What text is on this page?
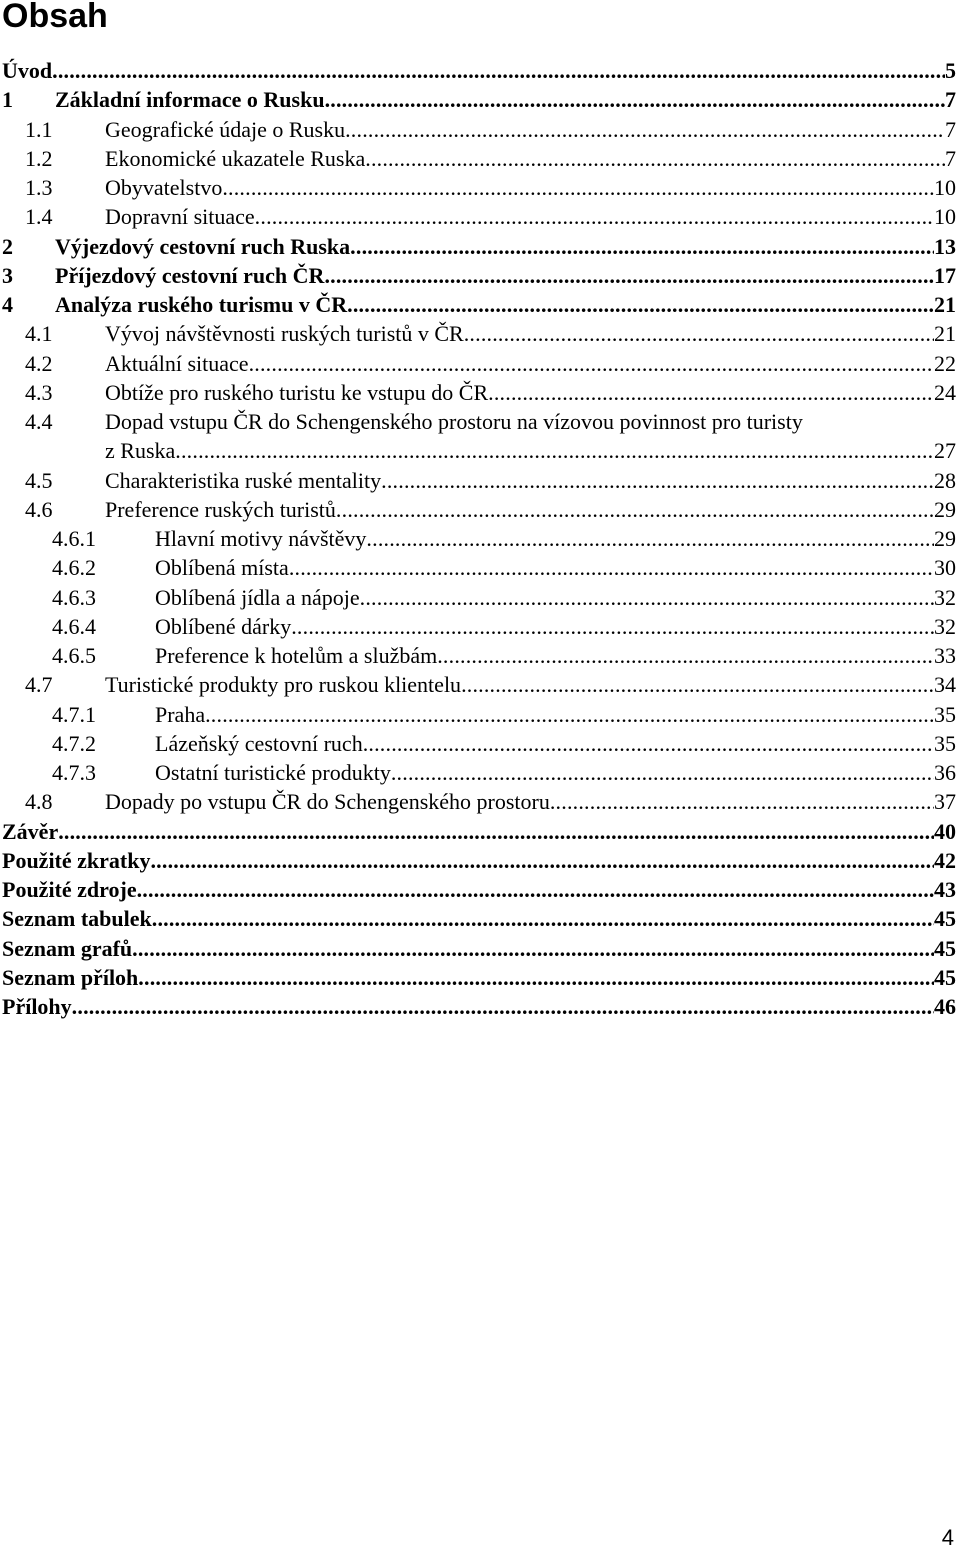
Obsah
Úvod .....	5
1 Základní informace o Rusku .....	7
1.1 Geografické údaje o Rusku .....	7
1.2 Ekonomické ukazatele Ruska .....	7
1.3 Obyvatelstvo .....	10
1.4 Dopravní situace .....	10
2 Výjezdový cestovní ruch Ruska .....	13
3 Příjezdový cestovní ruch ČR .....	17
4 Analýza ruského turismu v ČR .....	21
4.1 Vývoj návštěvnosti ruských turistů v ČR .....	21
4.2 Aktuální situace .....	22
4.3 Obtíže pro ruského turistu ke vstupu do ČR .....	24
4.4 Dopad vstupu ČR do Schengenského prostoru na vízovou povinnost pro turisty
z Ruska .....	27
4.5 Charakteristika ruské mentality .....	28
4.6 Preference ruských turistů .....	29
4.6.1	Hlavní motivy návštěvy .....	29
4.6.2	Oblíbená místa .....	30
4.6.3	Oblíbená jídla a nápoje .....	32
4.6.4	Oblíbené dárky .....	32
4.6.5	Preference k hotelům a službám .....	33
4.7 Turistické produkty pro ruskou klientelu .....	34
4.7.1	Praha .....	35
4.7.2	Lázeňský cestovní ruch .....	35
4.7.3	Ostatní turistické produkty .....	36
4.8 Dopady po vstupu ČR do Schengenského prostoru .....	37
Závěr .....	40
Použité zkratky .....	42
Použité zdroje .....	43
Seznam tabulek .....	45
Seznam grafů .....	45
Seznam příloh .....	45
Přílohy .....	46
4
